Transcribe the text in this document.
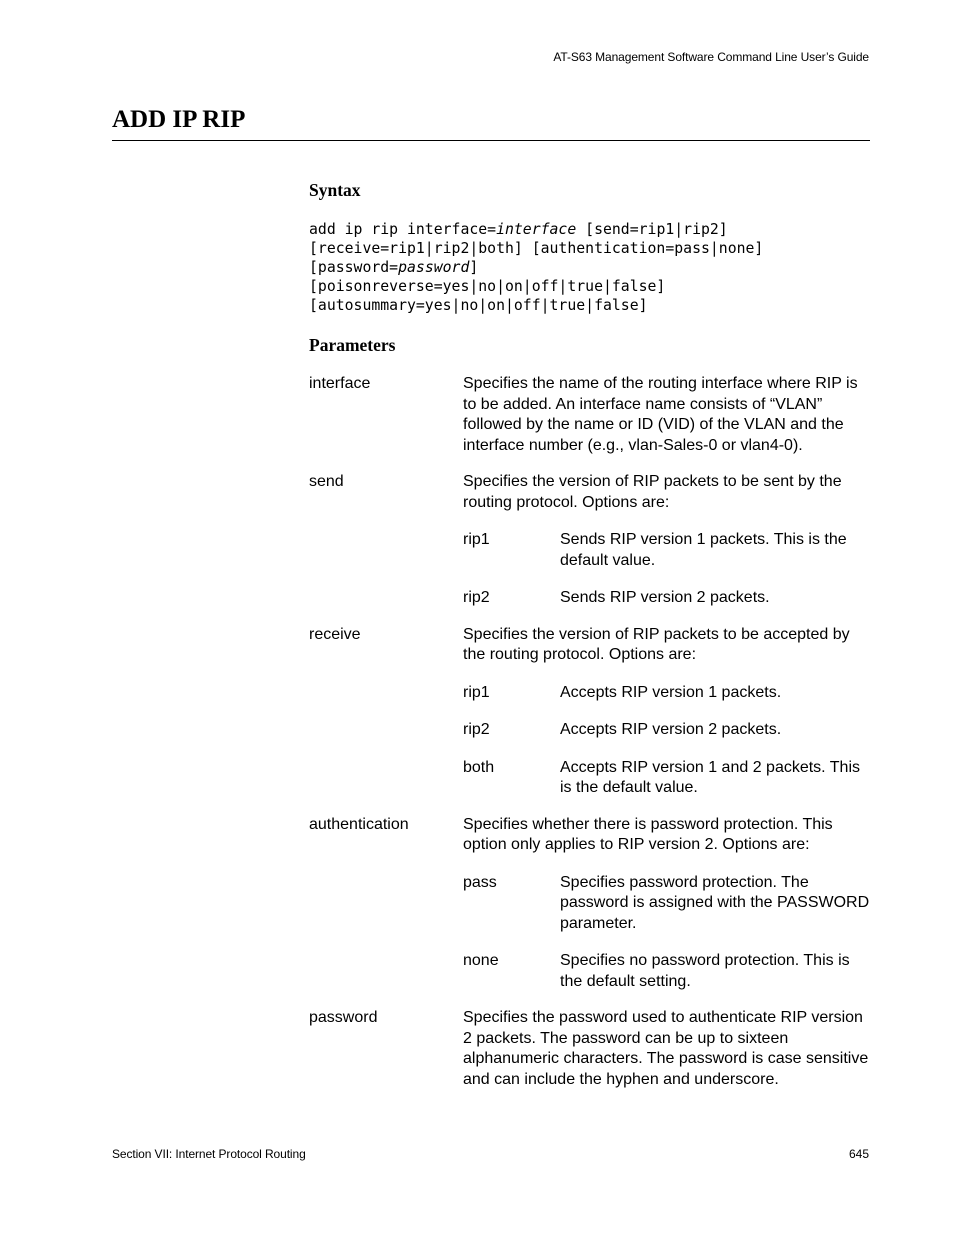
AT-S63 Management Software Command Line User’s Guide
ADD IP RIP
Syntax
add ip rip interface=interface [send=rip1|rip2]
[receive=rip1|rip2|both] [authentication=pass|none]
[password=password]
[poisonreverse=yes|no|on|off|true|false]
[autosummary=yes|no|on|off|true|false]
Parameters
interface	Specifies the name of the routing interface where RIP is to be added. An interface name consists of “VLAN” followed by the name or ID (VID) of the VLAN and the interface number (e.g., vlan-Sales-0 or vlan4-0).
send	Specifies the version of RIP packets to be sent by the routing protocol. Options are:
rip1	Sends RIP version 1 packets. This is the default value.
rip2	Sends RIP version 2 packets.
receive	Specifies the version of RIP packets to be accepted by the routing protocol. Options are:
rip1	Accepts RIP version 1 packets.
rip2	Accepts RIP version 2 packets.
both	Accepts RIP version 1 and 2 packets. This is the default value.
authentication	Specifies whether there is password protection. This option only applies to RIP version 2. Options are:
pass	Specifies password protection. The password is assigned with the PASSWORD parameter.
none	Specifies no password protection. This is the default setting.
password	Specifies the password used to authenticate RIP version 2 packets. The password can be up to sixteen alphanumeric characters. The password is case sensitive and can include the hyphen and underscore.
Section VII: Internet Protocol Routing	645
